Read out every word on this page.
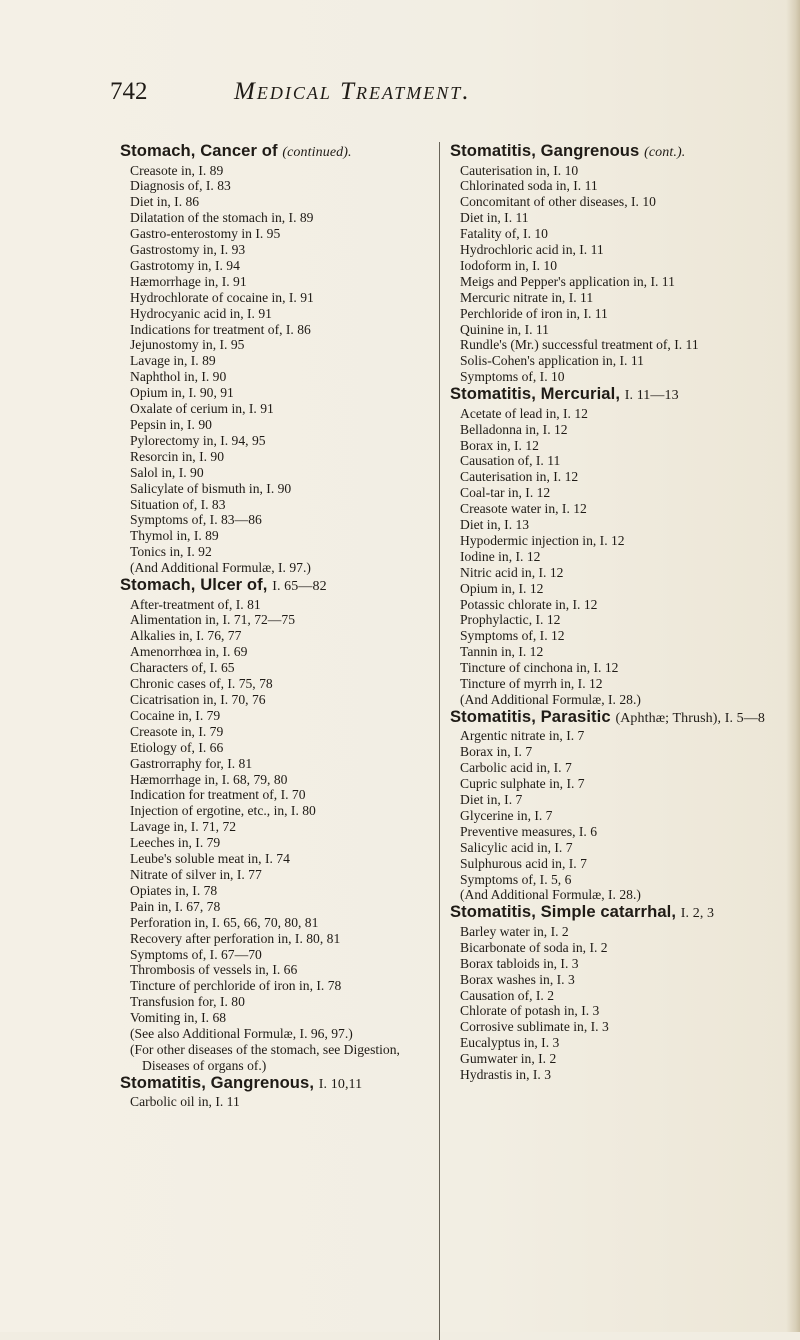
742	Medical Treatment.
Stomach, Cancer of (continued).
Creasote in, I. 89
Diagnosis of, I. 83
Diet in, I. 86
Dilatation of the stomach in, I. 89
Gastro-enterostomy in I. 95
Gastrostomy in, I. 93
Gastrotomy in, I. 94
Hæmorrhage in, I. 91
Hydrochlorate of cocaine in, I. 91
Hydrocyanic acid in, I. 91
Indications for treatment of, I. 86
Jejunostomy in, I. 95
Lavage in, I. 89
Naphthol in, I. 90
Opium in, I. 90, 91
Oxalate of cerium in, I. 91
Pepsin in, I. 90
Pylorectomy in, I. 94, 95
Resorcin in, I. 90
Salol in, I. 90
Salicylate of bismuth in, I. 90
Situation of, I. 83
Symptoms of, I. 83—86
Thymol in, I. 89
Tonics in, I. 92
(And Additional Formulæ, I. 97.)
Stomach, Ulcer of, I. 65—82
After-treatment of, I. 81
Alimentation in, I. 71, 72—75
Alkalies in, I. 76, 77
Amenorrhœa in, I. 69
Characters of, I. 65
Chronic cases of, I. 75, 78
Cicatrisation in, I. 70, 76
Cocaine in, I. 79
Creasote in, I. 79
Etiology of, I. 66
Gastrorraphy for, I. 81
Hæmorrhage in, I. 68, 79, 80
Indication for treatment of, I. 70
Injection of ergotine, etc., in, I. 80
Lavage in, I. 71, 72
Leeches in, I. 79
Leube's soluble meat in, I. 74
Nitrate of silver in, I. 77
Opiates in, I. 78
Pain in, I. 67, 78
Perforation in, I. 65, 66, 70, 80, 81
Recovery after perforation in, I. 80, 81
Symptoms of, I. 67—70
Thrombosis of vessels in, I. 66
Tincture of perchloride of iron in, I. 78
Transfusion for, I. 80
Vomiting in, I. 68
(See also Additional Formulæ, I. 96, 97.)
(For other diseases of the stomach, see Digestion, Diseases of organs of.)
Stomatitis, Gangrenous, I. 10,11
Carbolic oil in, I. 11
Stomatitis, Gangrenous (cont.).
Cauterisation in, I. 10
Chlorinated soda in, I. 11
Concomitant of other diseases, I. 10
Diet in, I. 11
Fatality of, I. 10
Hydrochloric acid in, I. 11
Iodoform in, I. 10
Meigs and Pepper's application in, I. 11
Mercuric nitrate in, I. 11
Perchloride of iron in, I. 11
Quinine in, I. 11
Rundle's (Mr.) successful treatment of, I. 11
Solis-Cohen's application in, I. 11
Symptoms of, I. 10
Stomatitis, Mercurial, I. 11—13
Acetate of lead in, I. 12
Belladonna in, I. 12
Borax in, I. 12
Causation of, I. 11
Cauterisation in, I. 12
Coal-tar in, I. 12
Creasote water in, I. 12
Diet in, I. 13
Hypodermic injection in, I. 12
Iodine in, I. 12
Nitric acid in, I. 12
Opium in, I. 12
Potassic chlorate in, I. 12
Prophylactic, I. 12
Symptoms of, I. 12
Tannin in, I. 12
Tincture of cinchona in, I. 12
Tincture of myrrh in, I. 12
(And Additional Formulæ, I. 28.)
Stomatitis, Parasitic (Aphthæ; Thrush), I. 5—8
Argentic nitrate in, I. 7
Borax in, I. 7
Carbolic acid in, I. 7
Cupric sulphate in, I. 7
Diet in, I. 7
Glycerine in, I. 7
Preventive measures, I. 6
Salicylic acid in, I. 7
Sulphurous acid in, I. 7
Symptoms of, I. 5, 6
(And Additional Formulæ, I. 28.)
Stomatitis, Simple catarrhal, I. 2, 3
Barley water in, I. 2
Bicarbonate of soda in, I. 2
Borax tabloids in, I. 3
Borax washes in, I. 3
Causation of, I. 2
Chlorate of potash in, I. 3
Corrosive sublimate in, I. 3
Eucalyptus in, I. 3
Gumwater in, I. 2
Hydrastis in, I. 3
